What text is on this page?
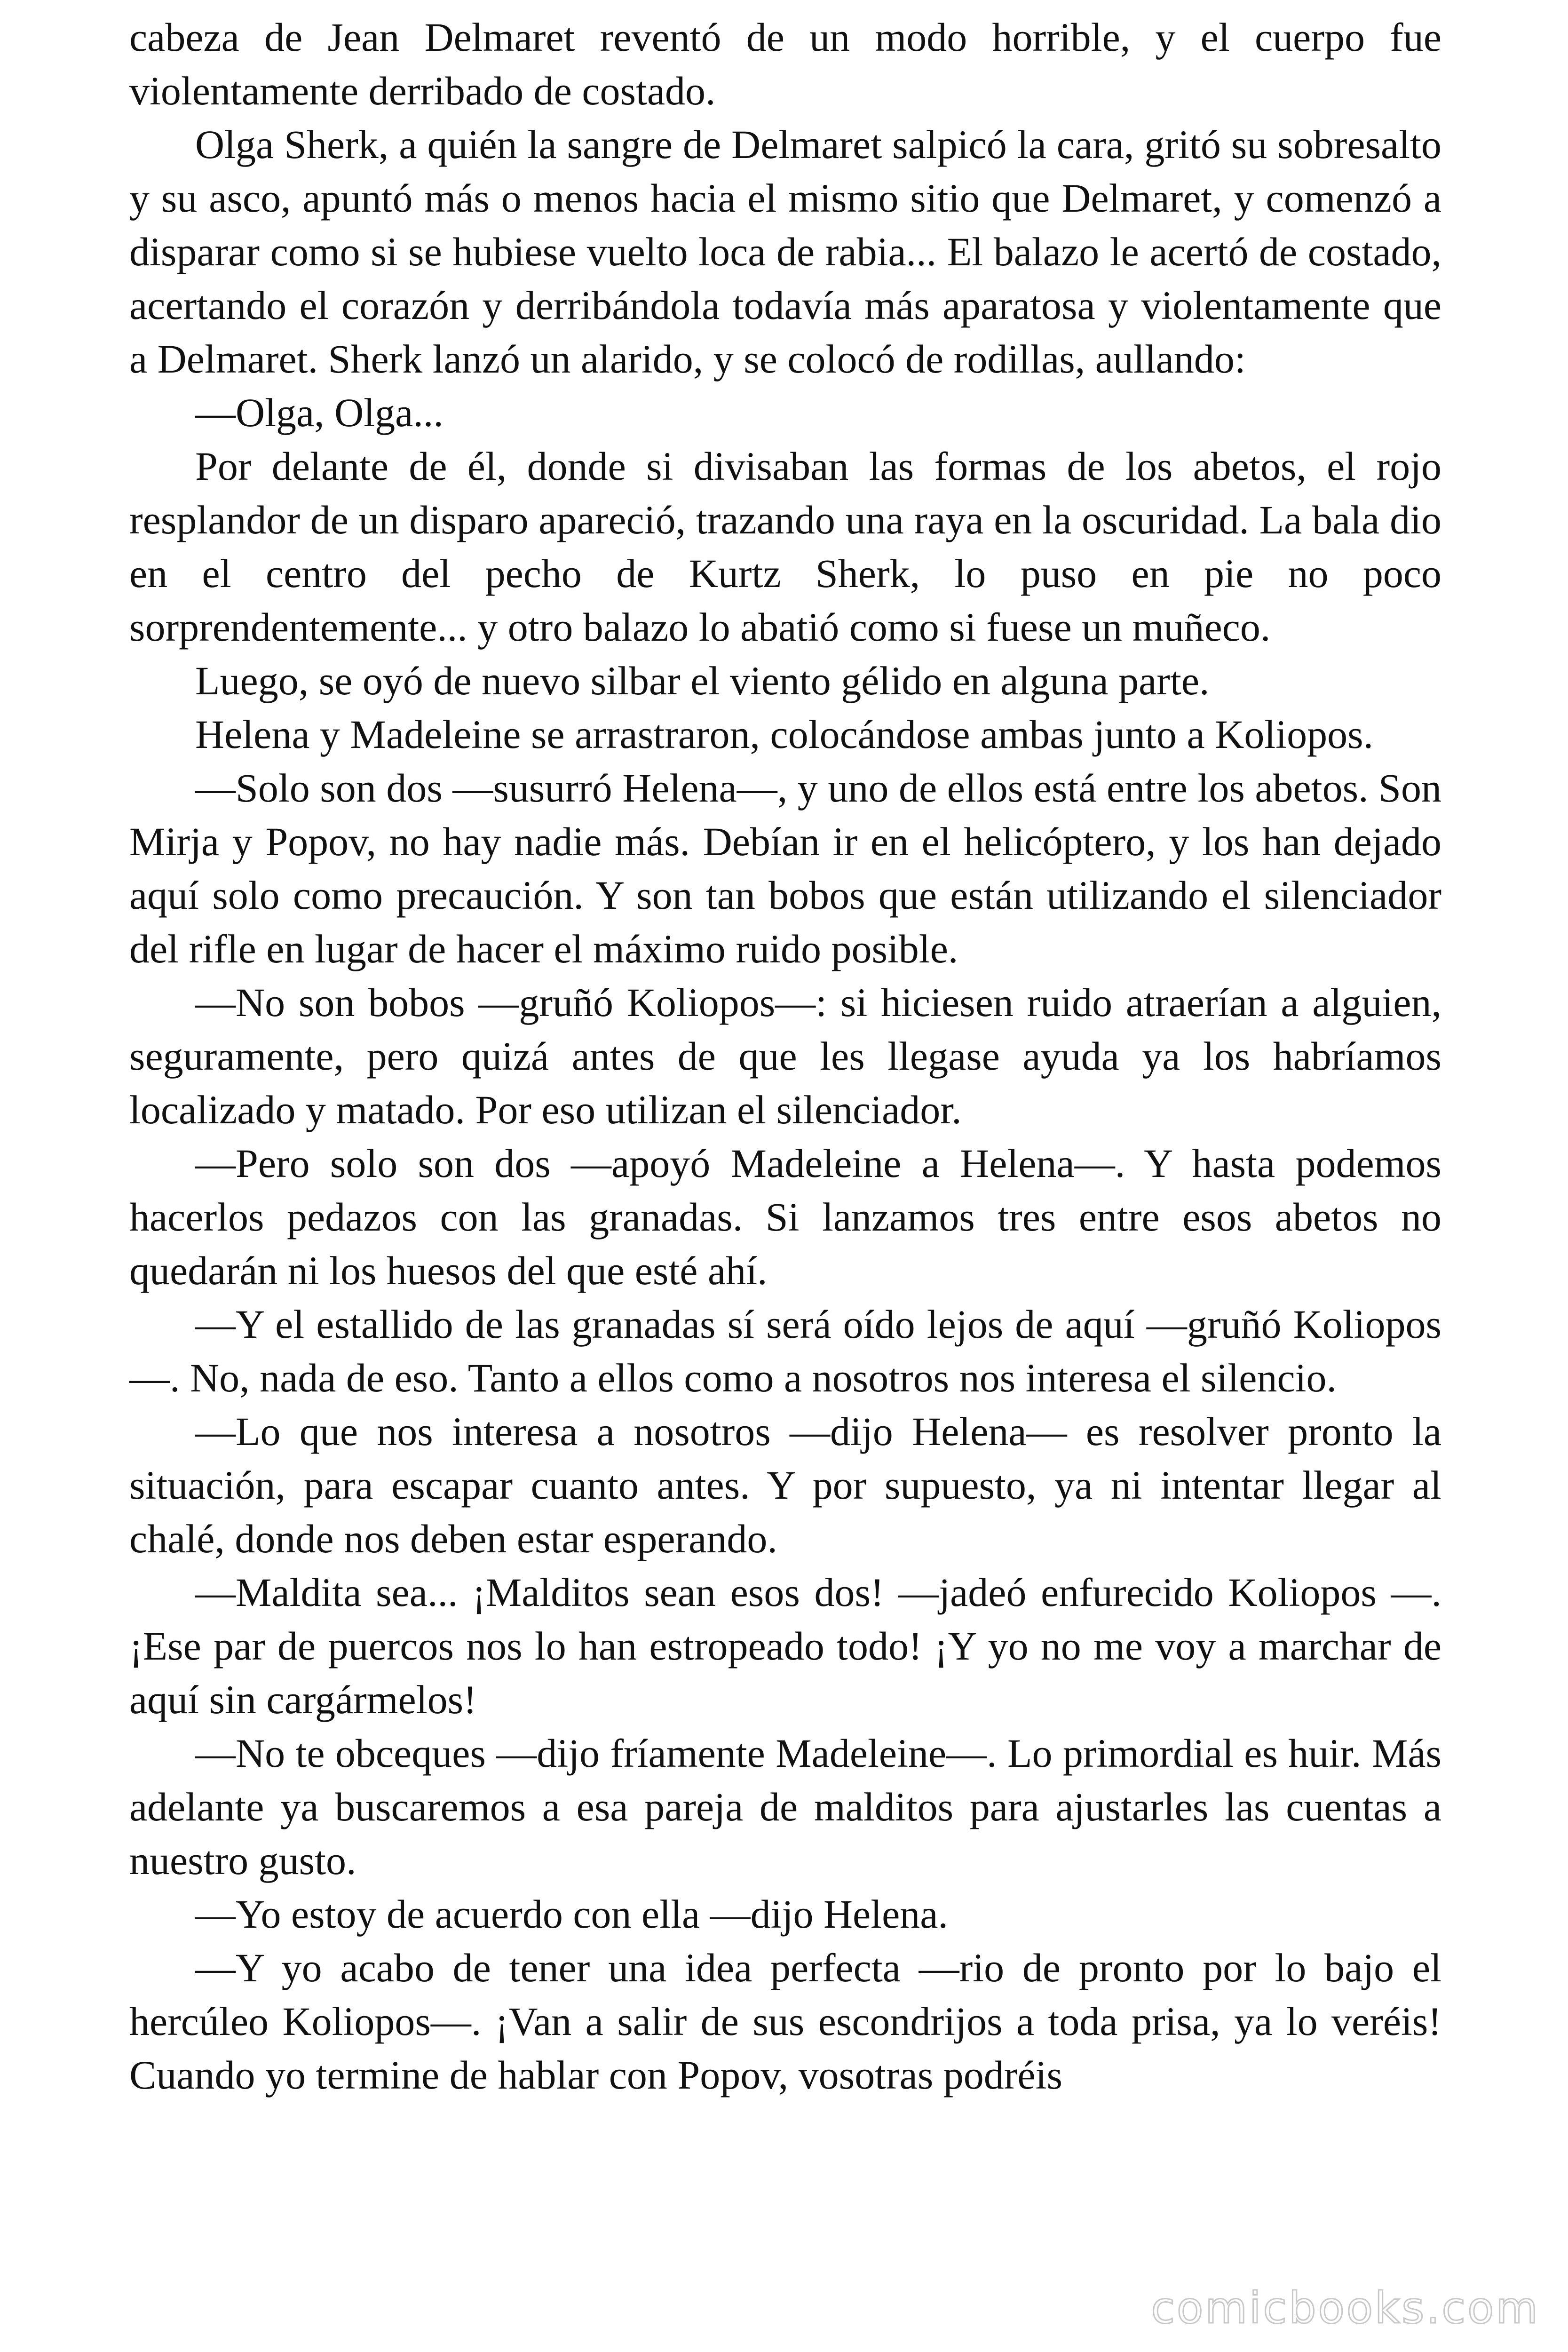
cabeza de Jean Delmaret reventó de un modo horrible, y el cuerpo fue violentamente derribado de costado.

Olga Sherk, a quién la sangre de Delmaret salpicó la cara, gritó su sobresalto y su asco, apuntó más o menos hacia el mismo sitio que Delmaret, y comenzó a disparar como si se hubiese vuelto loca de rabia... El balazo le acertó de costado, acertando el corazón y derribándola todavía más aparatosa y violentamente que a Delmaret. Sherk lanzó un alarido, y se colocó de rodillas, aullando:

—Olga, Olga...

Por delante de él, donde si divisaban las formas de los abetos, el rojo resplandor de un disparo apareció, trazando una raya en la oscuridad. La bala dio en el centro del pecho de Kurtz Sherk, lo puso en pie no poco sorprendentemente... y otro balazo lo abatió como si fuese un muñeco.

Luego, se oyó de nuevo silbar el viento gélido en alguna parte.

Helena y Madeleine se arrastraron, colocándose ambas junto a Koliopos.

—Solo son dos —susurró Helena—, y uno de ellos está entre los abetos. Son Mirja y Popov, no hay nadie más. Debían ir en el helicóptero, y los han dejado aquí solo como precaución. Y son tan bobos que están utilizando el silenciador del rifle en lugar de hacer el máximo ruido posible.

—No son bobos —gruñó Koliopos—: si hiciesen ruido atraerían a alguien, seguramente, pero quizá antes de que les llegase ayuda ya los habríamos localizado y matado. Por eso utilizan el silenciador.

—Pero solo son dos —apoyó Madeleine a Helena—. Y hasta podemos hacerlos pedazos con las granadas. Si lanzamos tres entre esos abetos no quedarán ni los huesos del que esté ahí.

—Y el estallido de las granadas sí será oído lejos de aquí —gruñó Koliopos—. No, nada de eso. Tanto a ellos como a nosotros nos interesa el silencio.

—Lo que nos interesa a nosotros —dijo Helena— es resolver pronto la situación, para escapar cuanto antes. Y por supuesto, ya ni intentar llegar al chalé, donde nos deben estar esperando.

—Maldita sea... ¡Malditos sean esos dos! —jadeó enfurecido Koliopos —. ¡Ese par de puercos nos lo han estropeado todo! ¡Y yo no me voy a marchar de aquí sin cargármelos!

—No te obceques —dijo fríamente Madeleine—. Lo primordial es huir. Más adelante ya buscaremos a esa pareja de malditos para ajustarles las cuentas a nuestro gusto.

—Yo estoy de acuerdo con ella —dijo Helena.

—Y yo acabo de tener una idea perfecta —rio de pronto por lo bajo el hercúleo Koliopos—. ¡Van a salir de sus escondrijos a toda prisa, ya lo veréis! Cuando yo termine de hablar con Popov, vosotras podréis

comicbooks.com
